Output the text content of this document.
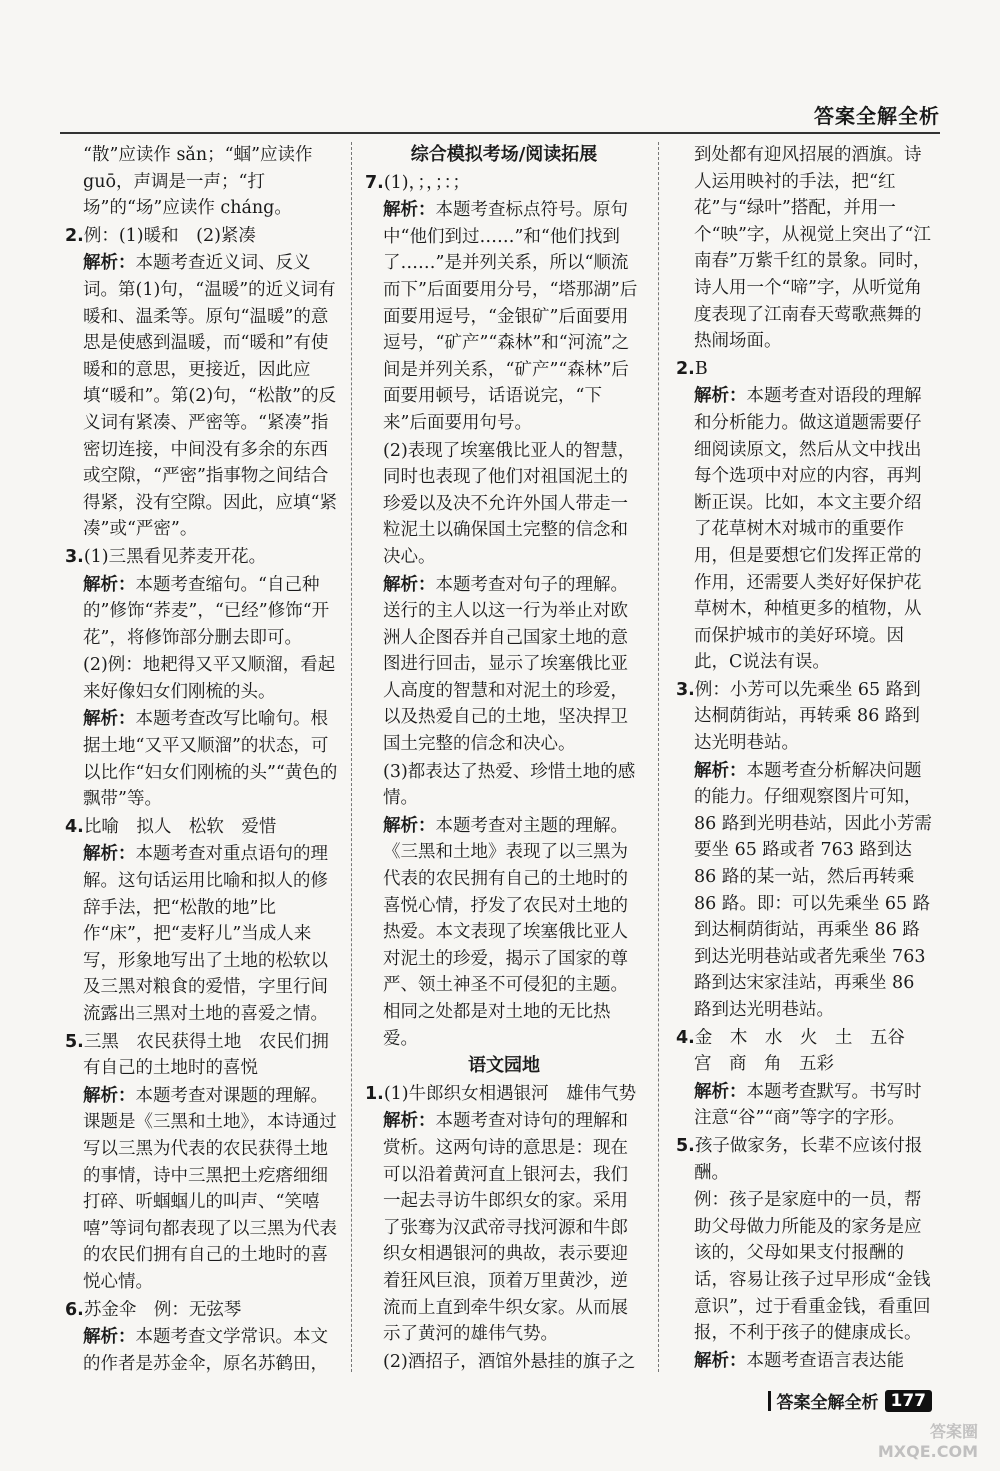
答案全解全析
“散”应读作 sǎn；“蝈”应读作 guō，声调是一声；“打场”的“场”应读作 cháng。
2.例：(1)暖和　(2)紧凑
解析：本题考查近义词、反义词。第(1)句，“温暖”的近义词有暖和、温柔等。原句“温暖”的意思是使感到温暖，而“暖和”有使暖和的意思，更接近，因此应填“暖和”。第(2)句，“松散”的反义词有紧凑、严密等。“紧凑”指密切连接，中间没有多余的东西或空隙，“严密”指事物之间结合得紧，没有空隙。因此，应填“紧凑”或“严密”。
3.(1)三黑看见荞麦开花。
解析：本题考查缩句。“自己种的”修饰“荞麦”，“已经”修饰“开花”，将修饰部分删去即可。
(2)例：地耙得又平又顺溜，看起来好像妇女们刚梳的头。
解析：本题考查改写比喻句。根据土地“又平又顺溜”的状态，可以比作“妇女们刚梳的头”“黄色的飘带”等。
4.比喻　拟人　松软　爱惜
解析：本题考查对重点语句的理解。这句话运用比喻和拟人的修辞手法，把“松散的地”比作“床”，把“麦籽儿”当成人来写，形象地写出了土地的松软以及三黑对粮食的爱惜，字里行间流露出三黑对土地的喜爱之情。
5.三黑　农民获得土地　农民们拥有自己的土地时的喜悦
解析：本题考查对课题的理解。课题是《三黑和土地》，本诗通过写以三黑为代表的农民获得土地的事情，诗中三黑把土疙瘩细细打碎、听蝈蝈儿的叫声、“笑嘻嘻”等词句都表现了以三黑为代表的农民们拥有自己的土地时的喜悦心情。
6.苏金伞　例：无弦琴
解析：本题考查文学常识。本文的作者是苏金伞，原名苏鹤田，
综合模拟考场/阅读拓展
7.(1)，；，；：；
解析：本题考查标点符号。原句中“他们到过……”和“他们找到了……”是并列关系，所以“顺流而下”后面要用分号，“塔那湖”后面要用逗号，“金银矿”后面要用逗号，“矿产”“森林”和“河流”之间是并列关系，“矿产”“森林”后面要用顿号，话语说完，“下来”后面要用句号。
(2)表现了埃塞俄比亚人的智慧，同时也表现了他们对祖国泥土的珍爱以及决不允许外国人带走一粒泥土以确保国土完整的信念和决心。
解析：本题考查对句子的理解。送行的主人以这一行为举止对欧洲人企图吞并自己国家土地的意图进行回击，显示了埃塞俄比亚人高度的智慧和对泥土的珍爱，以及热爱自己的土地，坚决捍卫国土完整的信念和决心。
(3)都表达了热爱、珍惜土地的感情。
解析：本题考查对主题的理解。《三黑和土地》表现了以三黑为代表的农民拥有自己的土地时的喜悦心情，抒发了农民对土地的热爱。本文表现了埃塞俄比亚人对泥土的珍爱，揭示了国家的尊严、领土神圣不可侵犯的主题。相同之处都是对土地的无比热爱。
语文园地
1.(1)牛郎织女相遇银河　雄伟气势
解析：本题考查对诗句的理解和赏析。这两句诗的意思是：现在可以沿着黄河直上银河去，我们一起去寻访牛郎织女的家。采用了张骞为汉武帝寻找河源和牛郎织女相遇银河的典故，表示要迎着狂风巨浪，顶着万里黄沙，逆流而上直到牵牛织女家。从而展示了黄河的雄伟气势。
(2)酒招子，酒馆外悬挂的旗子之　　　　　
到处都有迎风招展的酒旗。诗人运用映衬的手法，把“红花”与“绿叶”搭配，并用一个“映”字，从视觉上突出了“江南春”万紫千红的景象。同时，诗人用一个“啼”字，从听觉角度表现了江南春天莺歌燕舞的热闹场面。
2.B
解析：本题考查对语段的理解和分析能力。做这道题需要仔细阅读原文，然后从文中找出每个选项中对应的内容，再判断正误。比如，本文主要介绍了花草树木对城市的重要作用，但是要想它们发挥正常的作用，还需要人类好好保护花草树木，种植更多的植物，从而保护城市的美好环境。因此，C说法有误。
3.例：小芳可以先乘坐 65 路到达桐荫街站，再转乘 86 路到达光明巷站。
解析：本题考查分析解决问题的能力。仔细观察图片可知，86 路到光明巷站，因此小芳需要坐 65 路或者 763 路到达 86 路的某一站，然后再转乘 86 路。即：可以先乘坐 65 路到达桐荫街站，再乘坐 86 路到达光明巷站或者先乘坐 763 路到达宋家洼站，再乘坐 86 路到达光明巷站。
4.金　木　水　火　土　五谷　宫　商　角　五彩
解析：本题考查默写。书写时注意“谷”“商”等字的字形。
5.孩子做家务，长辈不应该付报酬。
例：孩子是家庭中的一员，帮助父母做力所能及的家务是应该的，父母如果支付报酬的话，容易让孩子过早形成“金钱意识”，过于看重金钱，看重回报，不利于孩子的健康成长。
解析：本题考查语言表达能
答案全解全析 177
答案圈
MXQE.COM
